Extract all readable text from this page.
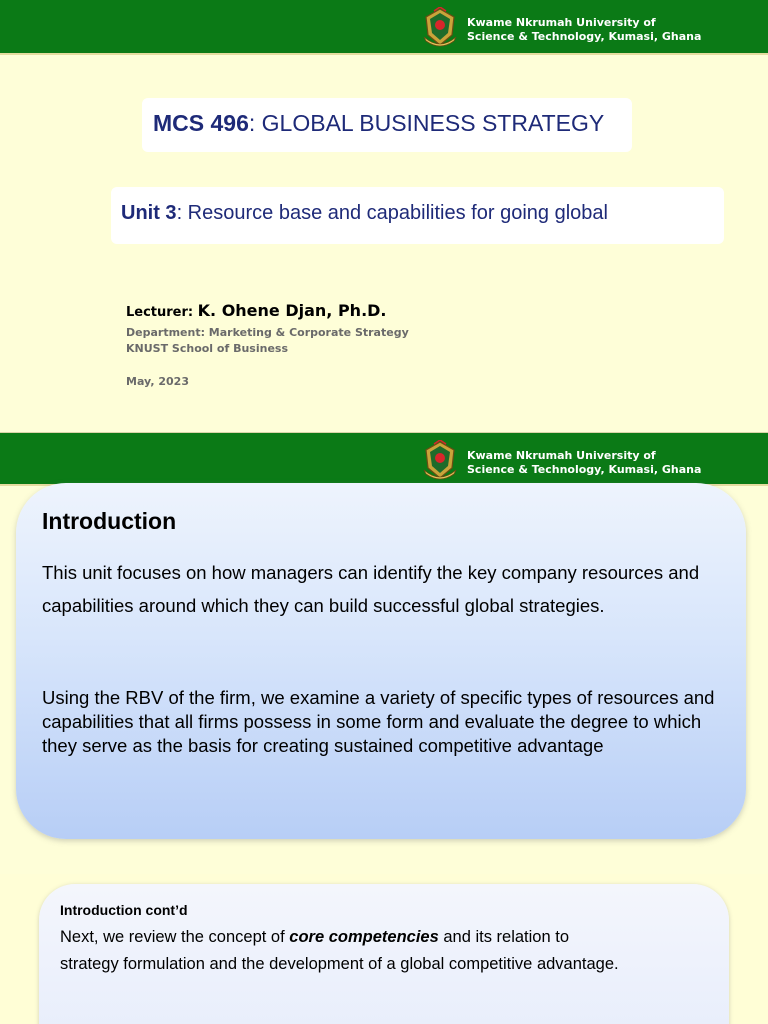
Kwame Nkrumah University of
Science & Technology, Kumasi, Ghana
MCS 496: GLOBAL BUSINESS STRATEGY
Unit 3: Resource base and capabilities for going global
Lecturer: K. Ohene Djan, Ph.D.
Department: Marketing & Corporate Strategy
KNUST School of Business
May, 2023
Kwame Nkrumah University of
Science & Technology, Kumasi, Ghana
Introduction
This unit focuses on how managers can identify the key company resources and capabilities around which they can build successful global strategies.
Using the RBV of the firm, we examine a variety of specific types of resources and capabilities that all firms possess in some form and evaluate the degree to which they serve as the basis for creating sustained competitive advantage
Introduction cont’d
Next, we review the concept of core competencies and its relation to strategy formulation and the development of a global competitive advantage.
